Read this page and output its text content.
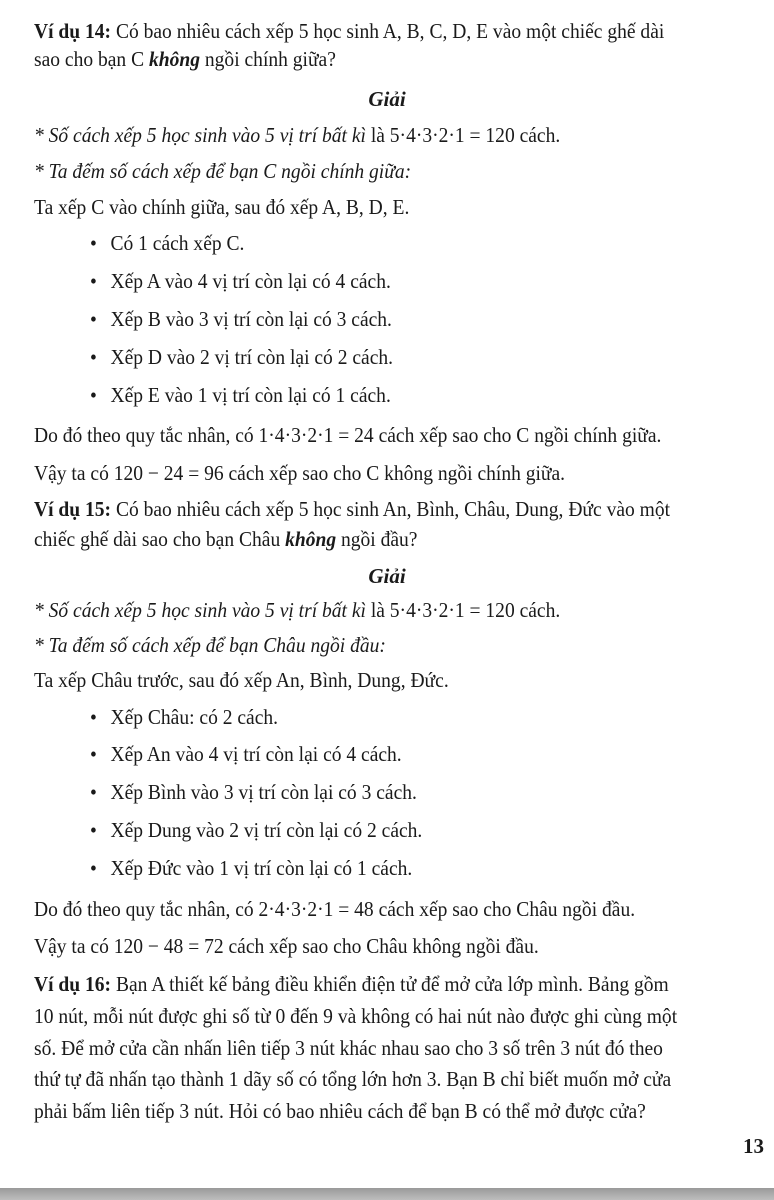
Ví dụ 14: Có bao nhiêu cách xếp 5 học sinh A, B, C, D, E vào một chiếc ghế dài
sao cho bạn C không ngồi chính giữa?
Giải
* Số cách xếp 5 học sinh vào 5 vị trí bất kì là 5·4·3·2·1 = 120 cách.
* Ta đếm số cách xếp để bạn C ngồi chính giữa:
Ta xếp C vào chính giữa, sau đó xếp A, B, D, E.
• Có 1 cách xếp C.
• Xếp A vào 4 vị trí còn lại có 4 cách.
• Xếp B vào 3 vị trí còn lại có 3 cách.
• Xếp D vào 2 vị trí còn lại có 2 cách.
• Xếp E vào 1 vị trí còn lại có 1 cách.
Do đó theo quy tắc nhân, có 1·4·3·2·1 = 24 cách xếp sao cho C ngồi chính giữa.
Vậy ta có 120 − 24 = 96 cách xếp sao cho C không ngồi chính giữa.
Ví dụ 15: Có bao nhiêu cách xếp 5 học sinh An, Bình, Châu, Dung, Đức vào một
chiếc ghế dài sao cho bạn Châu không ngồi đầu?
Giải
* Số cách xếp 5 học sinh vào 5 vị trí bất kì là 5·4·3·2·1 = 120 cách.
* Ta đếm số cách xếp để bạn Châu ngồi đầu:
Ta xếp Châu trước, sau đó xếp An, Bình, Dung, Đức.
• Xếp Châu: có 2 cách.
• Xếp An vào 4 vị trí còn lại có 4 cách.
• Xếp Bình vào 3 vị trí còn lại có 3 cách.
• Xếp Dung vào 2 vị trí còn lại có 2 cách.
• Xếp Đức vào 1 vị trí còn lại có 1 cách.
Do đó theo quy tắc nhân, có 2·4·3·2·1 = 48 cách xếp sao cho Châu ngồi đầu.
Vậy ta có 120 − 48 = 72 cách xếp sao cho Châu không ngồi đầu.
Ví dụ 16: Bạn A thiết kế bảng điều khiển điện tử để mở cửa lớp mình. Bảng gồm
10 nút, mỗi nút được ghi số từ 0 đến 9 và không có hai nút nào được ghi cùng một
số. Để mở cửa cần nhấn liên tiếp 3 nút khác nhau sao cho 3 số trên 3 nút đó theo
thứ tự đã nhấn tạo thành 1 dãy số có tổng lớn hơn 3. Bạn B chỉ biết muốn mở cửa
phải bấm liên tiếp 3 nút. Hỏi có bao nhiêu cách để bạn B có thể mở được cửa?
13
